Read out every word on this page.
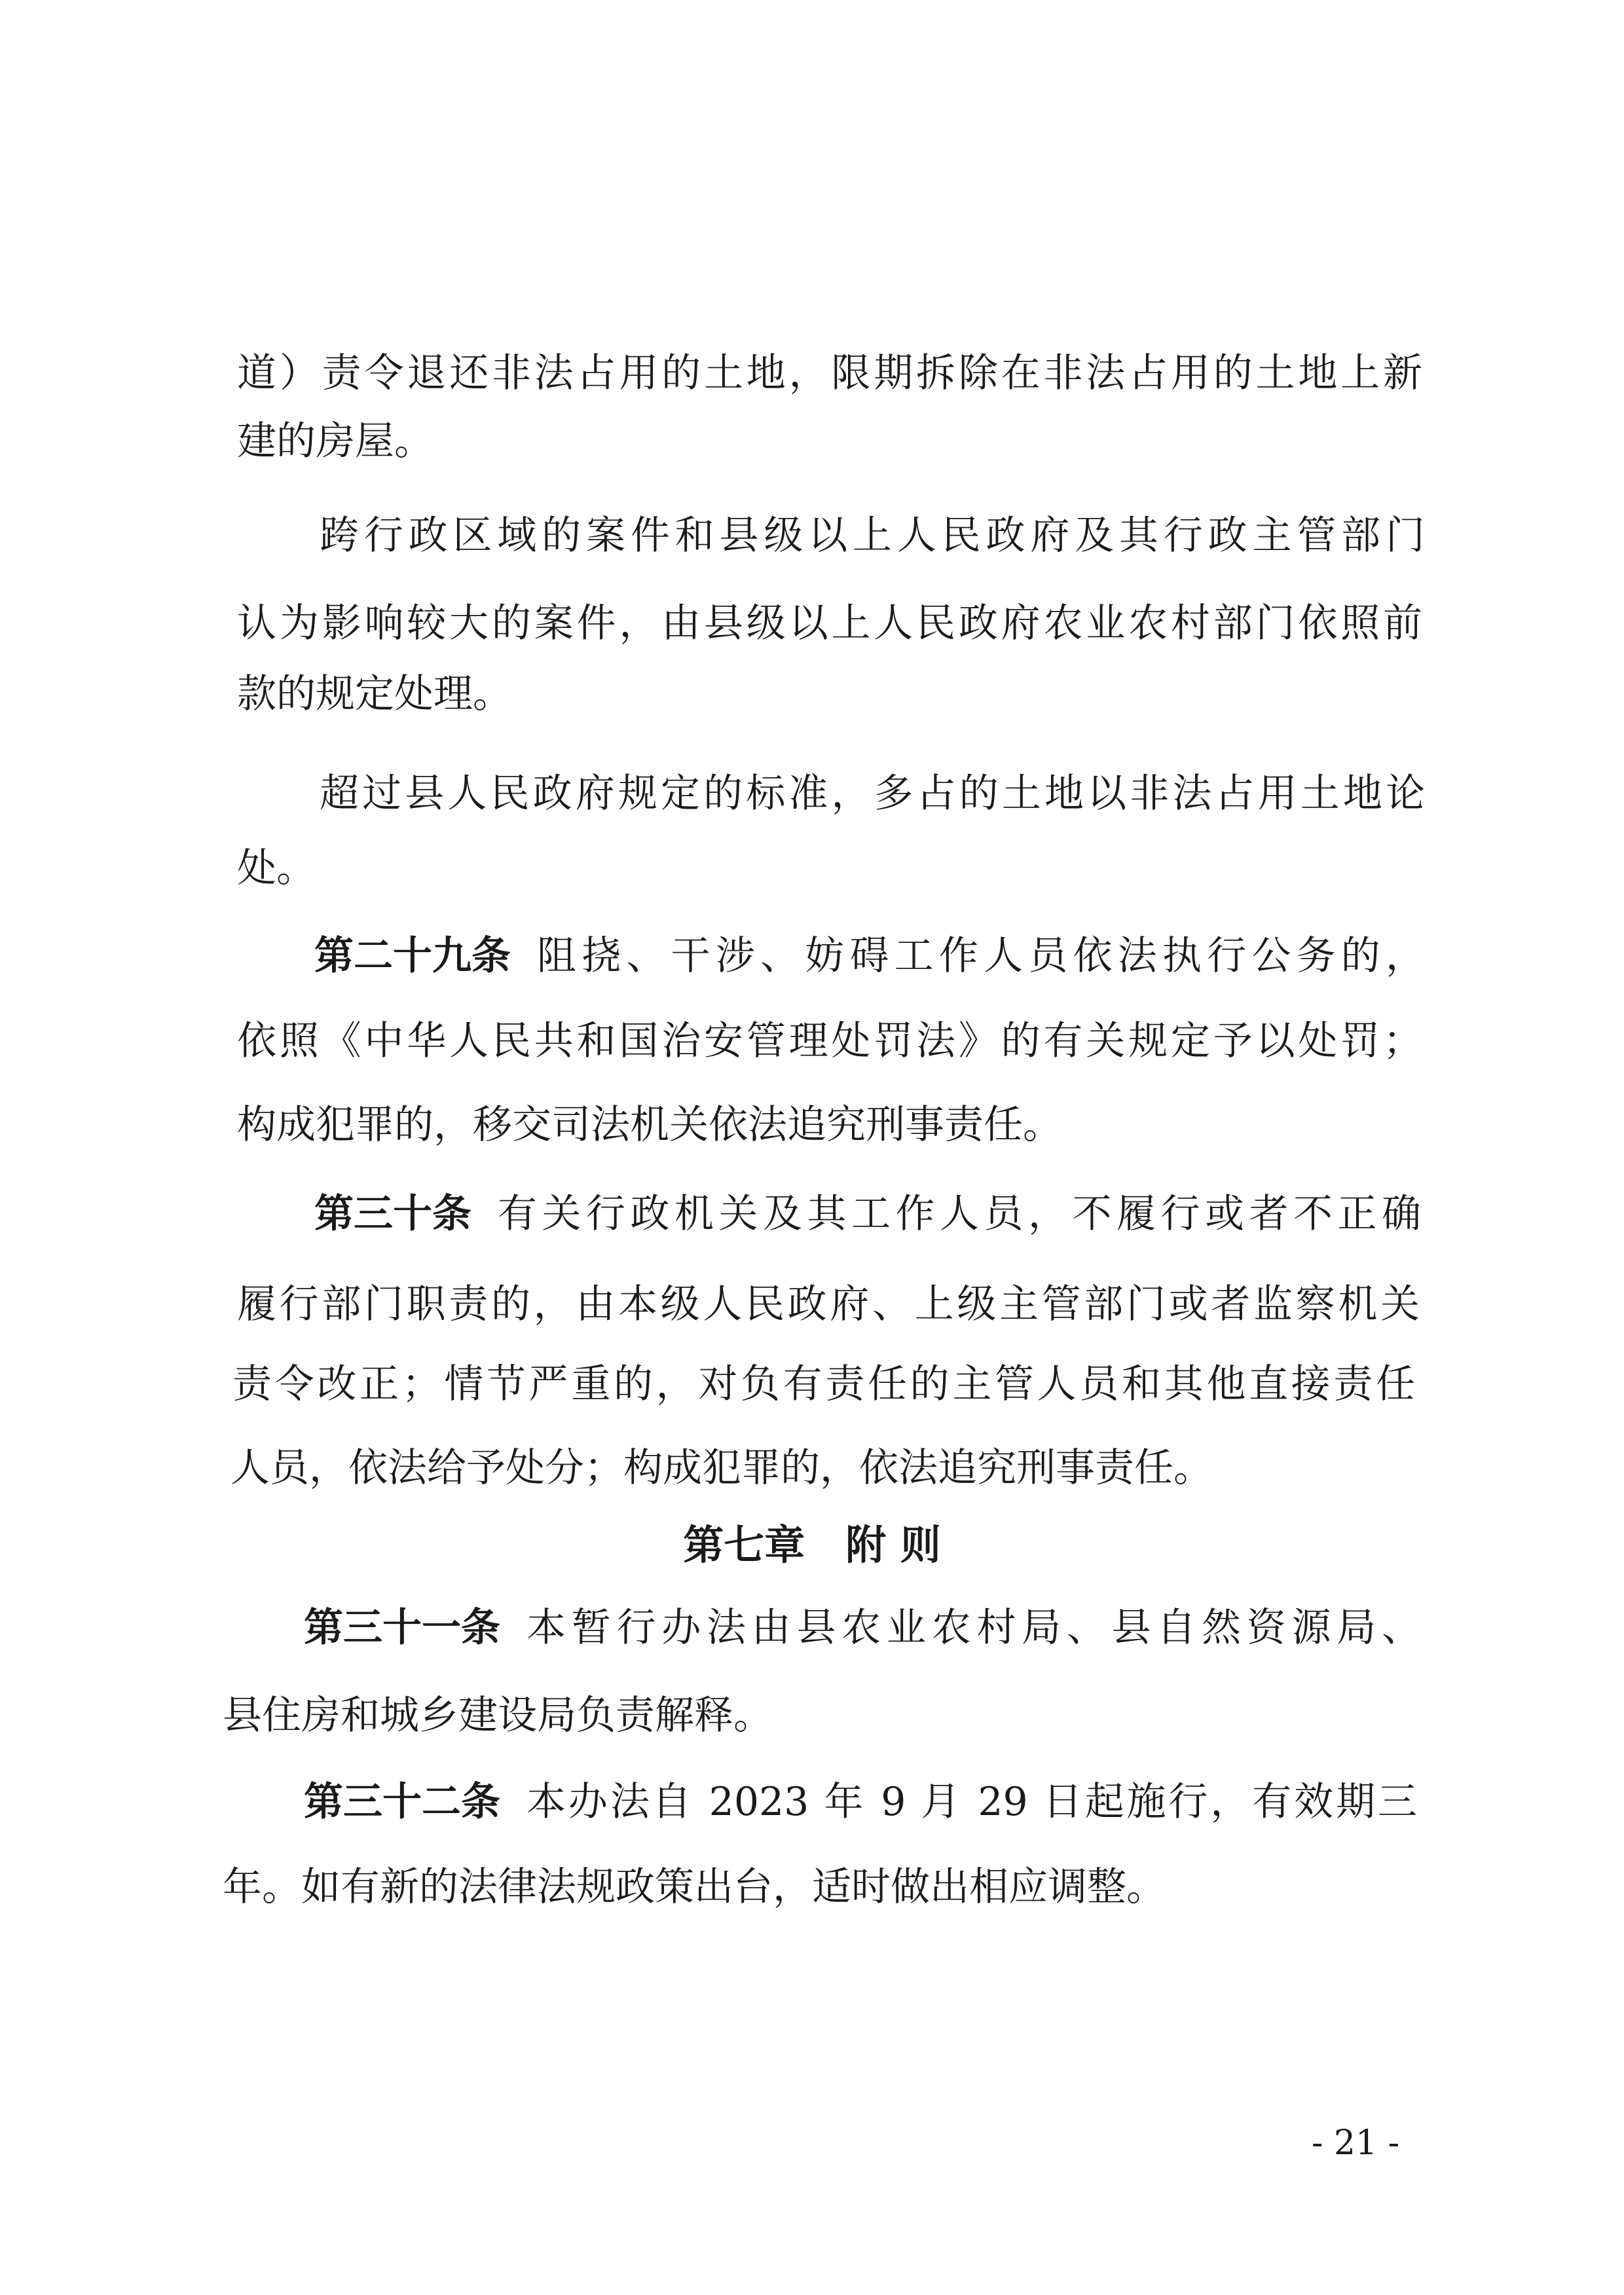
道）责令退还非法占用的土地，限期拆除在非法占用的土地上新
建的房屋。
跨行政区域的案件和县级以上人民政府及其行政主管部门
认为影响较大的案件，由县级以上人民政府农业农村部门依照前
款的规定处理。
超过县人民政府规定的标准，多占的土地以非法占用土地论
处。
第二十九条 阻挠、干涉、妨碍工作人员依法执行公务的，
依照《中华人民共和国治安管理处罚法》的有关规定予以处罚；
构成犯罪的，移交司法机关依法追究刑事责任。
第三十条 有关行政机关及其工作人员，不履行或者不正确
履行部门职责的，由本级人民政府、上级主管部门或者监察机关
责令改正；情节严重的，对负有责任的主管人员和其他直接责任
人员，依法给予处分；构成犯罪的，依法追究刑事责任。
第七章　附 则
第三十一条 本暂行办法由县农业农村局、县自然资源局、
县住房和城乡建设局负责解释。
第三十二条 本办法自 2023 年 9 月 29 日起施行，有效期三
年。如有新的法律法规政策出台，适时做出相应调整。
- 21 -
